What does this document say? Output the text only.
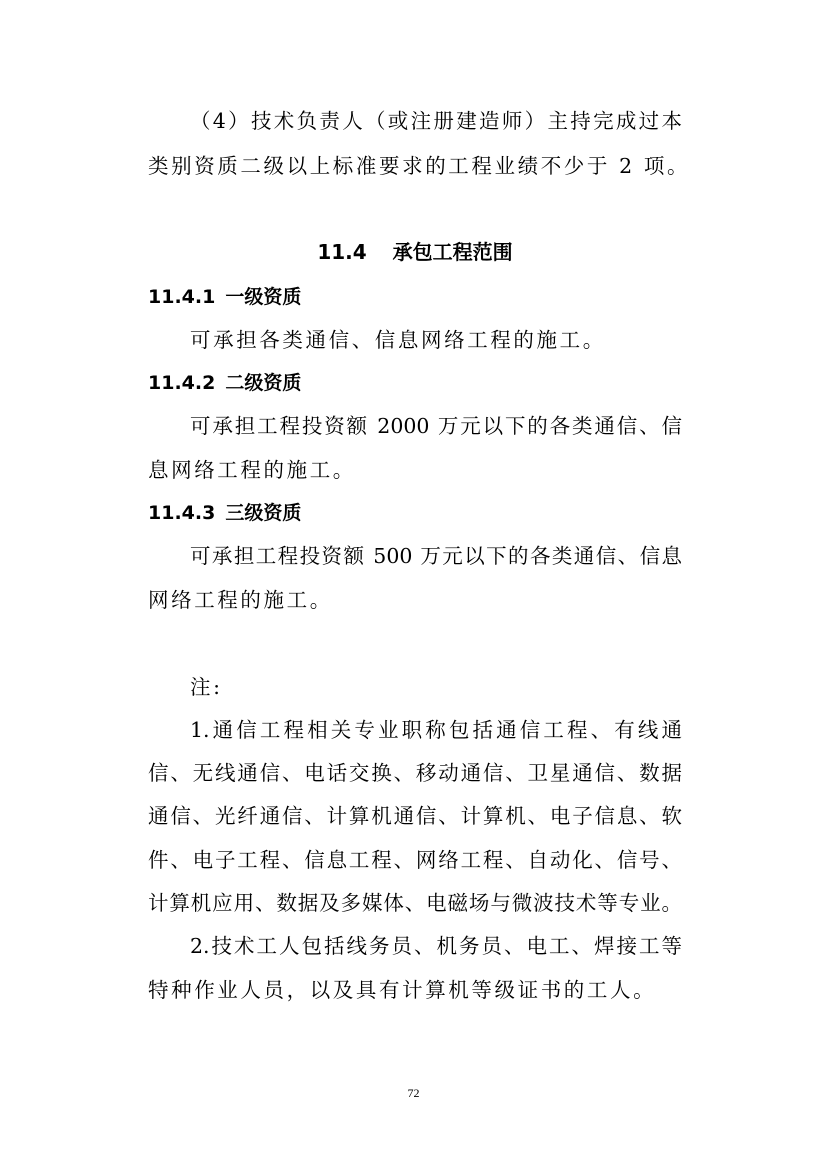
（4）技术负责人（或注册建造师）主持完成过本
类别资质二级以上标准要求的工程业绩不少于 2 项。
11.4 承包工程范围
11.4.1 一级资质
可承担各类通信、信息网络工程的施工。
11.4.2 二级资质
可承担工程投资额 2000 万元以下的各类通信、信
息网络工程的施工。
11.4.3 三级资质
可承担工程投资额 500 万元以下的各类通信、信息
网络工程的施工。
注:
1.通信工程相关专业职称包括通信工程、有线通
信、无线通信、电话交换、移动通信、卫星通信、数据
通信、光纤通信、计算机通信、计算机、电子信息、软
件、电子工程、信息工程、网络工程、自动化、信号、
计算机应用、数据及多媒体、电磁场与微波技术等专业。
2.技术工人包括线务员、机务员、电工、焊接工等
特种作业人员，以及具有计算机等级证书的工人。
72
